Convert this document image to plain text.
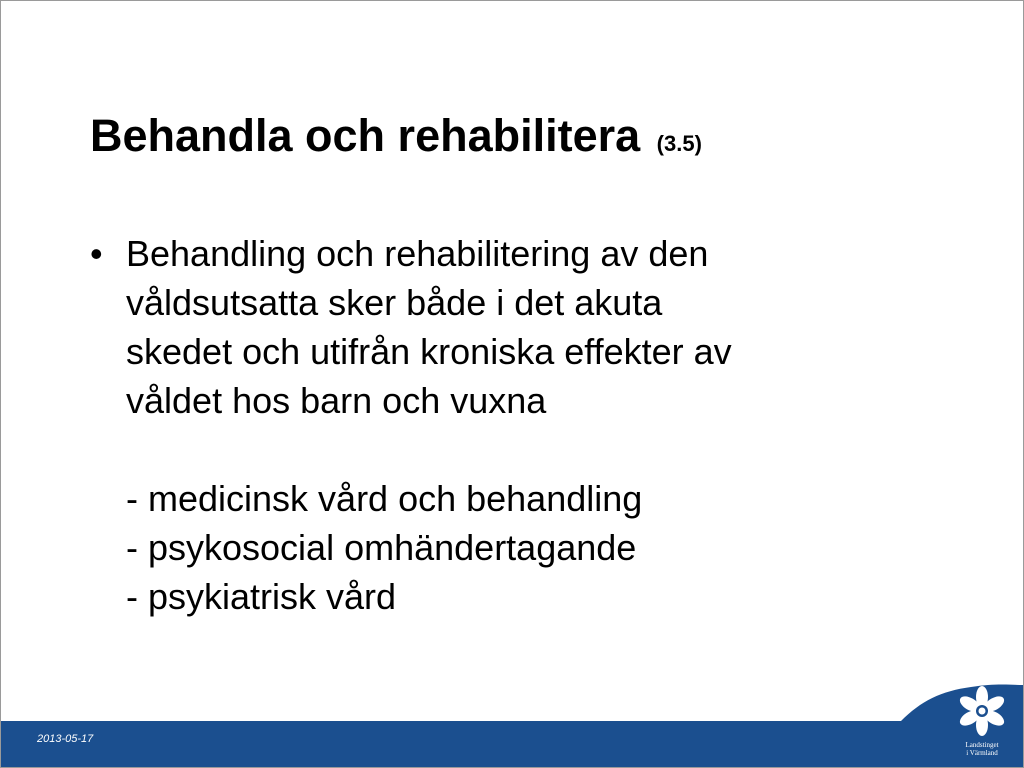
Behandla och rehabilitera (3.5)
• Behandling och rehabilitering av den
våldsutsatta sker både i det akuta
skedet och utifrån kroniska effekter av
våldet hos barn och vuxna
- medicinsk vård och behandling
- psykosocial omhändertagande
- psykiatrisk vård
2013-05-17	Landstinget
i Värmland
